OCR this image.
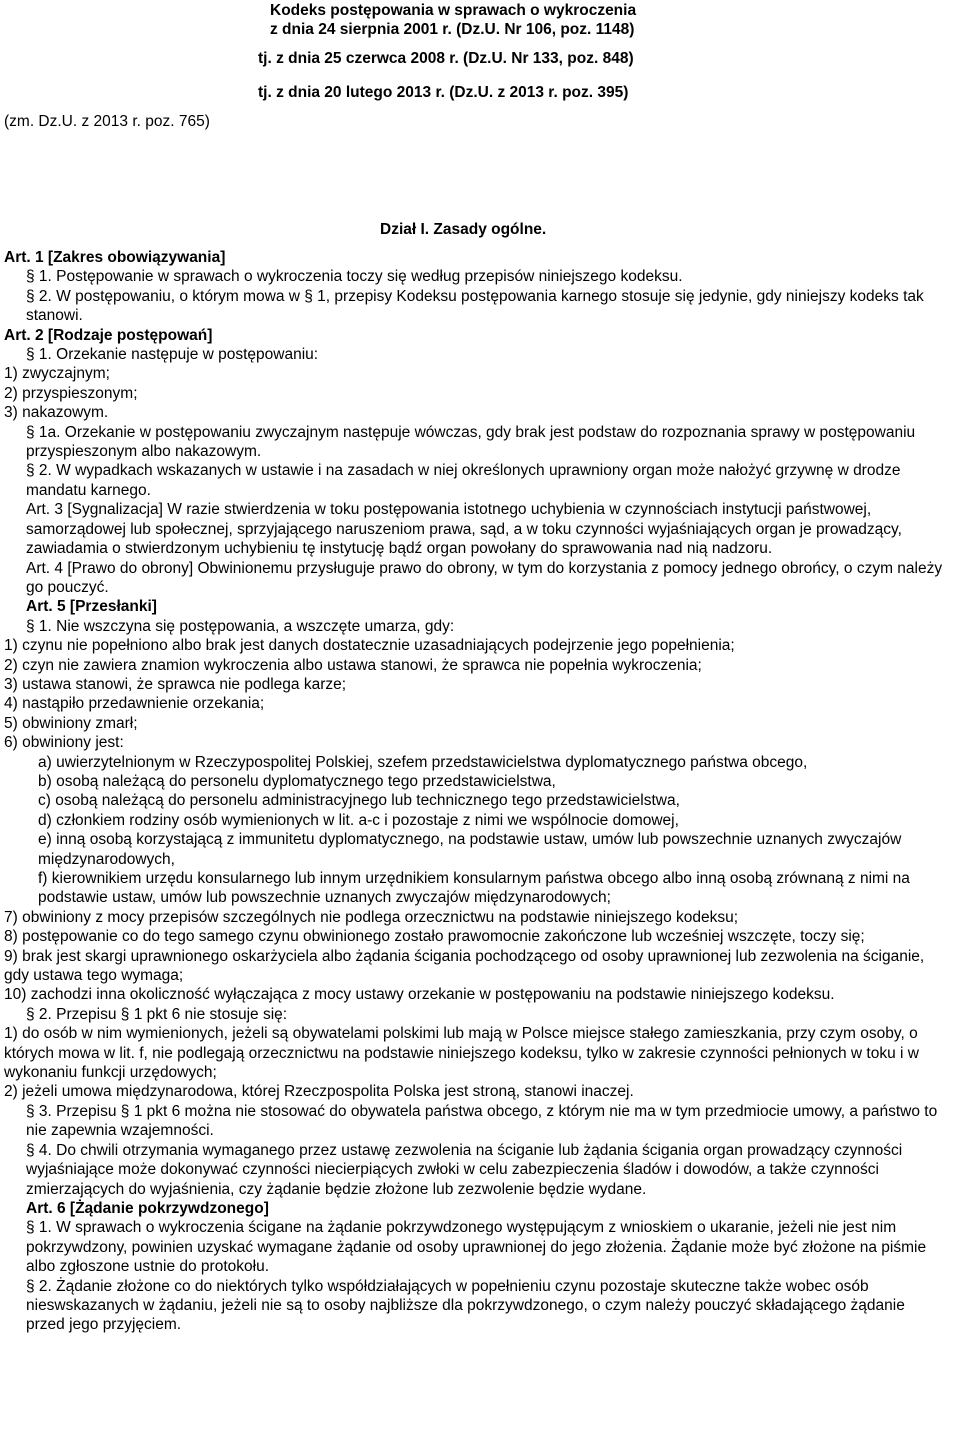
Kodeks postępowania w sprawach o wykroczenia
z dnia 24 sierpnia 2001 r. (Dz.U. Nr 106, poz. 1148)
tj. z dnia 25 czerwca 2008 r. (Dz.U. Nr 133, poz. 848)
tj. z dnia 20 lutego 2013 r. (Dz.U. z 2013 r. poz. 395)
(zm. Dz.U. z 2013 r. poz. 765)
Dział I. Zasady ogólne.
Art. 1 [Zakres obowiązywania]
§ 1. Postępowanie w sprawach o wykroczenia toczy się według przepisów niniejszego kodeksu.
§ 2. W postępowaniu, o którym mowa w § 1, przepisy Kodeksu postępowania karnego stosuje się jedynie, gdy niniejszy kodeks tak stanowi.
Art. 2 [Rodzaje postępowań]
§ 1. Orzekanie następuje w postępowaniu:
1) zwyczajnym;
2) przyspieszonym;
3) nakazowym.
§ 1a. Orzekanie w postępowaniu zwyczajnym następuje wówczas, gdy brak jest podstaw do rozpoznania sprawy w postępowaniu przyspieszonym albo nakazowym.
§ 2. W wypadkach wskazanych w ustawie i na zasadach w niej określonych uprawniony organ może nałożyć grzywnę w drodze mandatu karnego.
Art. 3 [Sygnalizacja] W razie stwierdzenia w toku postępowania istotnego uchybienia w czynnościach instytucji państwowej, samorządowej lub społecznej, sprzyjającego naruszeniom prawa, sąd, a w toku czynności wyjaśniających organ je prowadzący, zawiadamia o stwierdzonym uchybieniu tę instytucję bądź organ powołany do sprawowania nad nią nadzoru.
Art. 4 [Prawo do obrony] Obwinionemu przysługuje prawo do obrony, w tym do korzystania z pomocy jednego obrońcy, o czym należy go pouczyć.
Art. 5 [Przesłanki]
§ 1. Nie wszczyna się postępowania, a wszczęte umarza, gdy:
1) czynu nie popełniono albo brak jest danych dostatecznie uzasadniających podejrzenie jego popełnienia;
2) czyn nie zawiera znamion wykroczenia albo ustawa stanowi, że sprawca nie popełnia wykroczenia;
3) ustawa stanowi, że sprawca nie podlega karze;
4) nastąpiło przedawnienie orzekania;
5) obwiniony zmarł;
6) obwiniony jest:
a) uwierzytelnionym w Rzeczypospolitej Polskiej, szefem przedstawicielstwa dyplomatycznego państwa obcego,
b) osobą należącą do personelu dyplomatycznego tego przedstawicielstwa,
c) osobą należącą do personelu administracyjnego lub technicznego tego przedstawicielstwa,
d) członkiem rodziny osób wymienionych w lit. a-c i pozostaje z nimi we wspólnocie domowej,
e) inną osobą korzystającą z immunitetu dyplomatycznego, na podstawie ustaw, umów lub powszechnie uznanych zwyczajów międzynarodowych,
f) kierownikiem urzędu konsularnego lub innym urzędnikiem konsularnym państwa obcego albo inną osobą zrównaną z nimi na podstawie ustaw, umów lub powszechnie uznanych zwyczajów międzynarodowych;
7) obwiniony z mocy przepisów szczególnych nie podlega orzecznictwu na podstawie niniejszego kodeksu;
8) postępowanie co do tego samego czynu obwinionego zostało prawomocnie zakończone lub wcześniej wszczęte, toczy się;
9) brak jest skargi uprawnionego oskarżyciela albo żądania ścigania pochodzącego od osoby uprawnionej lub zezwolenia na ściganie, gdy ustawa tego wymaga;
10) zachodzi inna okoliczność wyłączająca z mocy ustawy orzekanie w postępowaniu na podstawie niniejszego kodeksu.
§ 2. Przepisu § 1 pkt 6 nie stosuje się:
1) do osób w nim wymienionych, jeżeli są obywatelami polskimi lub mają w Polsce miejsce stałego zamieszkania, przy czym osoby, o których mowa w lit. f, nie podlegają orzecznictwu na podstawie niniejszego kodeksu, tylko w zakresie czynności pełnionych w toku i w wykonaniu funkcji urzędowych;
2) jeżeli umowa międzynarodowa, której Rzeczpospolita Polska jest stroną, stanowi inaczej.
§ 3. Przepisu § 1 pkt 6 można nie stosować do obywatela państwa obcego, z którym nie ma w tym przedmiocie umowy, a państwo to nie zapewnia wzajemności.
§ 4. Do chwili otrzymania wymaganego przez ustawę zezwolenia na ściganie lub żądania ścigania organ prowadzący czynności wyjaśniające może dokonywać czynności niecierpiących zwłoki w celu zabezpieczenia śladów i dowodów, a także czynności zmierzających do wyjaśnienia, czy żądanie będzie złożone lub zezwolenie będzie wydane.
Art. 6 [Żądanie pokrzywdzonego]
§ 1. W sprawach o wykroczenia ścigane na żądanie pokrzywdzonego występującym z wnioskiem o ukaranie, jeżeli nie jest nim pokrzywdzony, powinien uzyskać wymagane żądanie od osoby uprawnionej do jego złożenia. Żądanie może być złożone na piśmie albo zgłoszone ustnie do protokołu.
§ 2. Żądanie złożone co do niektórych tylko współdziałających w popełnieniu czynu pozostaje skuteczne także wobec osób nieswskazanych w żądaniu, jeżeli nie są to osoby najbliższe dla pokrzywdzonego, o czym należy pouczyć składającego żądanie przed jego przyjęciem.
